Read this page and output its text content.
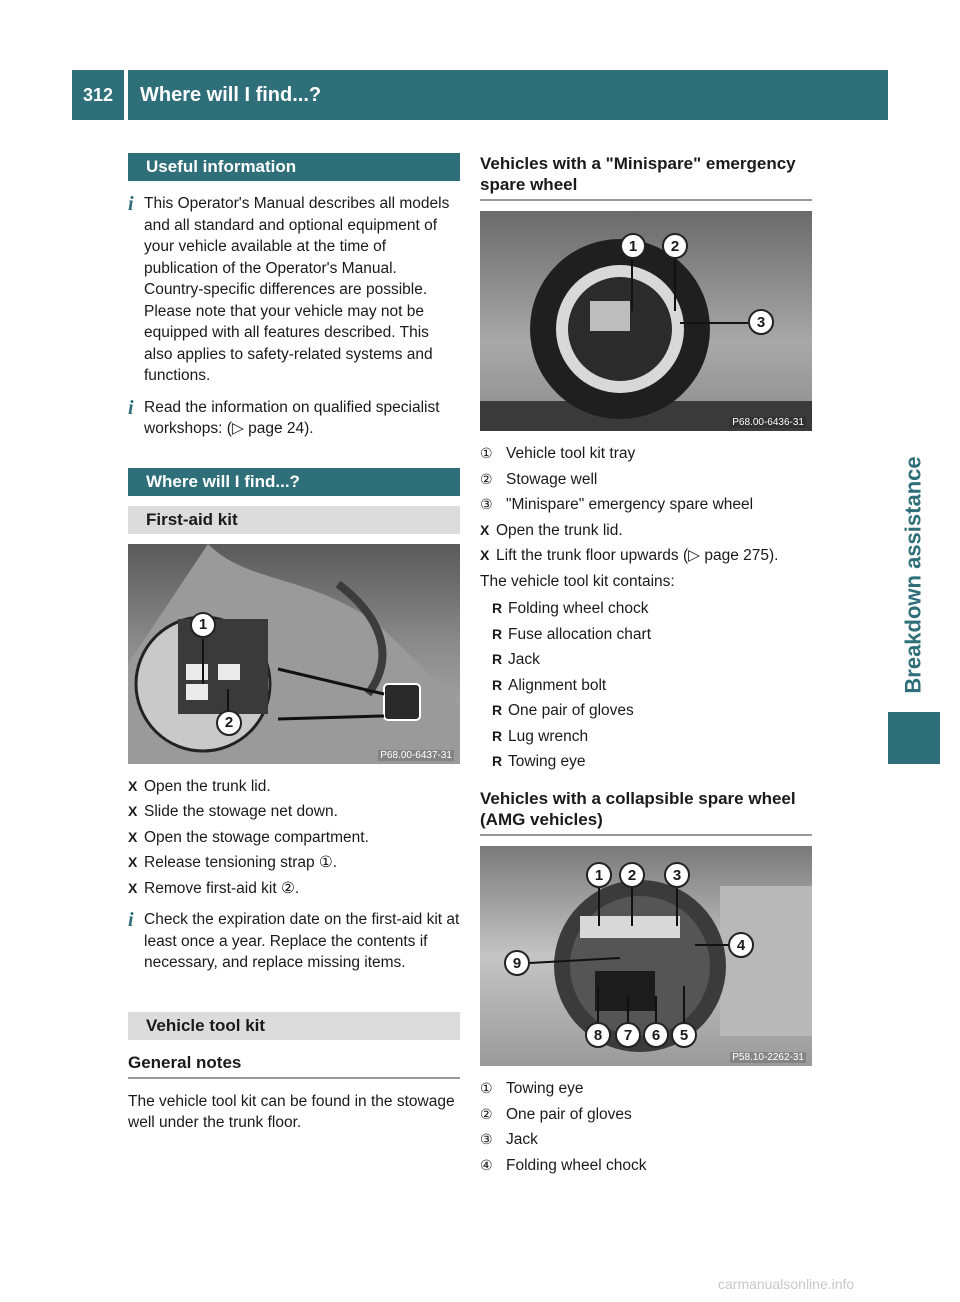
312	Where will I find...?
Breakdown assistance
Useful information
i This Operator's Manual describes all models and all standard and optional equipment of your vehicle available at the time of publication of the Operator's Manual. Country-specific differences are possible. Please note that your vehicle may not be equipped with all features described. This also applies to safety-related systems and functions.
i Read the information on qualified specialist workshops: (▷ page 24).
Where will I find...?
First-aid kit
1
2
P68.00-6437-31
X Open the trunk lid.
X Slide the stowage net down.
X Open the stowage compartment.
X Release tensioning strap ①.
X Remove first-aid kit ②.
i Check the expiration date on the first-aid kit at least once a year. Replace the contents if necessary, and replace missing items.
Vehicle tool kit
General notes
The vehicle tool kit can be found in the stowage well under the trunk floor.
Vehicles with a "Minispare" emergency spare wheel
1	2
3
P68.00-6436-31
① Vehicle tool kit tray
② Stowage well
③ "Minispare" emergency spare wheel
X Open the trunk lid.
X Lift the trunk floor upwards (▷ page 275).
The vehicle tool kit contains:
R Folding wheel chock
R Fuse allocation chart
R Jack
R Alignment bolt
R One pair of gloves
R Lug wrench
R Towing eye
Vehicles with a collapsible spare wheel (AMG vehicles)
1	2	3
4
5
6
7
8
9
P58.10-2262-31
① Towing eye
② One pair of gloves
③ Jack
④ Folding wheel chock
carmanualsonline.info
